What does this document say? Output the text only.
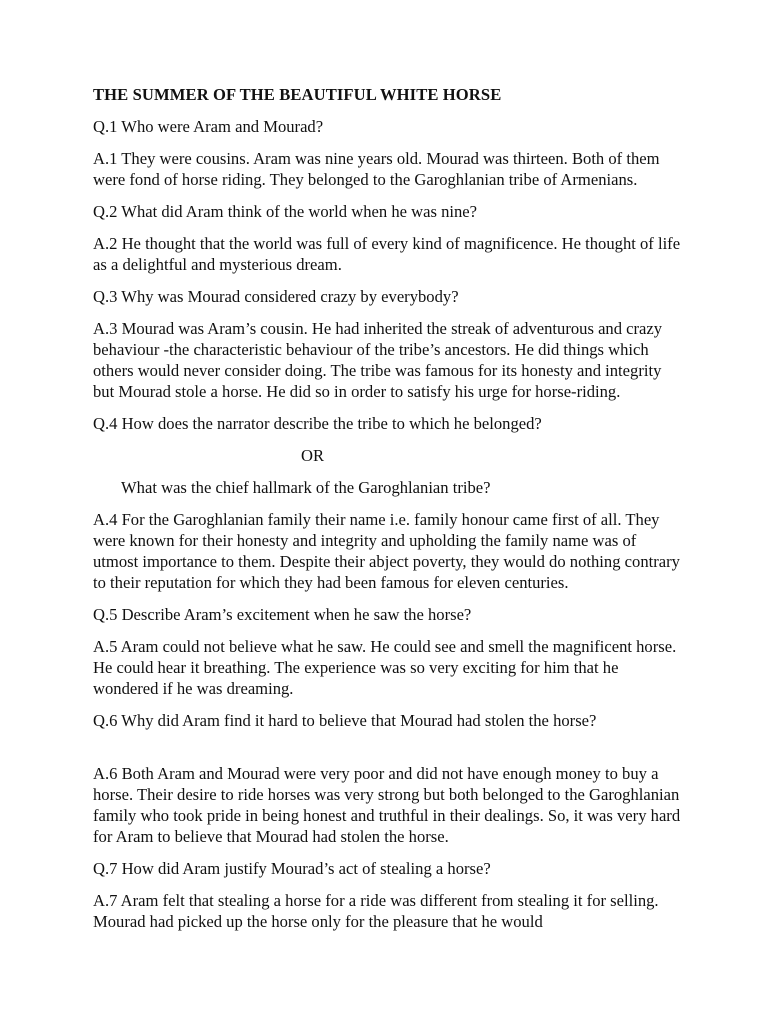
THE SUMMER OF THE BEAUTIFUL WHITE HORSE
Q.1 Who were Aram and Mourad?
A.1 They were cousins. Aram was nine years old. Mourad was thirteen. Both of them were fond of horse riding. They belonged to the Garoghlanian tribe of Armenians.
Q.2 What did Aram think of the world when he was nine?
A.2 He thought that the world was full of every kind of magnificence. He thought of life as a delightful and mysterious dream.
Q.3 Why was Mourad considered crazy by everybody?
A.3 Mourad was Aram’s cousin. He had inherited the streak of adventurous and crazy behaviour -the characteristic behaviour of the tribe’s ancestors. He did things which others would never consider doing. The tribe was famous for its honesty and integrity but Mourad stole a horse. He did so in order to satisfy his urge for horse-riding.
Q.4 How does the narrator describe the tribe to which he belonged?
OR
What was the chief hallmark of the Garoghlanian tribe?
A.4 For the Garoghlanian family their name i.e. family honour came first of all. They were known for their honesty and integrity and upholding the family name was of utmost importance to them. Despite their abject poverty, they would do nothing contrary to their reputation for which they had been famous for eleven centuries.
Q.5 Describe Aram’s excitement when he saw the horse?
A.5 Aram could not believe what he saw. He could see and smell the magnificent horse. He could hear it breathing. The experience was so very exciting for him that he wondered if he was dreaming.
Q.6 Why did Aram find it hard to believe that Mourad had stolen the horse?
A.6 Both Aram and Mourad were very poor and did not have enough money to buy a horse. Their desire to ride horses was very strong but both belonged to the Garoghlanian family who took pride in being honest and truthful in their dealings. So, it was very hard for Aram to believe that Mourad had stolen the horse.
Q.7 How did Aram justify Mourad’s act of stealing a horse?
A.7 Aram felt that stealing a horse for a ride was different from stealing it for selling. Mourad had picked up the horse only for the pleasure that he would
